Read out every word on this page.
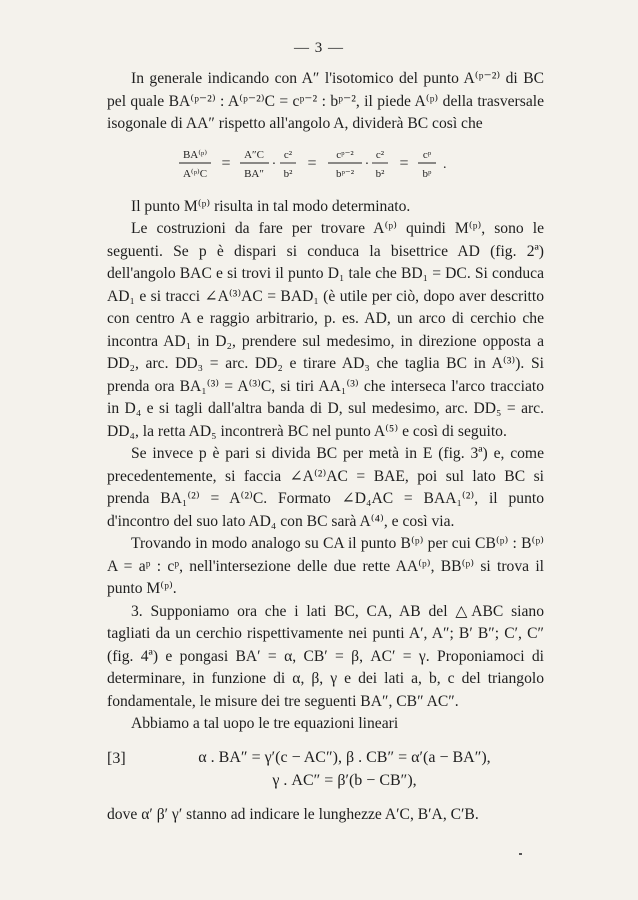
— 3 —

In generale indicando con A″ l'isotomico del punto A⁽ᵖ⁻²⁾ di BC pel quale BA⁽ᵖ⁻²⁾ : A⁽ᵖ⁻²⁾C = cᵖ⁻² : bᵖ⁻², il piede A⁽ᵖ⁾ della trasversale isogonale di AA″ rispetto all'angolo A, dividerà BC così che

BA⁽ᵖ⁾
A⁽ᵖ⁾C
= A″C
BA″
·
c²
b²
= cᵖ⁻²
bᵖ⁻²
·
c²
b²
= cᵖ
bᵖ
.

Il punto M⁽ᵖ⁾ risulta in tal modo determinato.

Le costruzioni da fare per trovare A⁽ᵖ⁾ quindi M⁽ᵖ⁾, sono le seguenti. Se p è dispari si conduca la bisettrice AD (fig. 2ª) dell'angolo BAC e si trovi il punto D₁ tale che BD₁ = DC. Si conduca AD₁ e si tracci ∠A⁽³⁾AC = BAD₁ (è utile per ciò, dopo aver descritto con centro A e raggio arbitrario, p. es. AD, un arco di cerchio che incontra AD₁ in D₂, prendere sul medesimo, in direzione opposta a DD₂, arc. DD₃ = arc. DD₂ e tirare AD₃ che taglia BC in A⁽³⁾). Si prenda ora BA₁⁽³⁾ = A⁽³⁾C, si tiri AA₁⁽³⁾ che interseca l'arco tracciato in D₄ e si tagli dall'altra banda di D, sul medesimo, arc. DD₅ = arc. DD₄, la retta AD₅ incontrerà BC nel punto A⁽⁵⁾ e così di seguito.

Se invece p è pari si divida BC per metà in E (fig. 3ª) e, come precedentemente, si faccia ∠A⁽²⁾AC = BAE, poi sul lato BC si prenda BA₁⁽²⁾ = A⁽²⁾C. Formato ∠D₄AC = BAA₁⁽²⁾, il punto d'incontro del suo lato AD₄ con BC sarà A⁽⁴⁾, e così via.

Trovando in modo analogo su CA il punto B⁽ᵖ⁾ per cui CB⁽ᵖ⁾ : B⁽ᵖ⁾A = aᵖ : cᵖ, nell'intersezione delle due rette AA⁽ᵖ⁾, BB⁽ᵖ⁾ si trova il punto M⁽ᵖ⁾.

3. Supponiamo ora che i lati BC, CA, AB del △ABC siano tagliati da un cerchio rispettivamente nei punti A′, A″; B′ B″; C′, C″ (fig. 4ª) e pongasi BA′ = α, CB′ = β, AC′ = γ. Proponiamoci di determinare, in funzione di α, β, γ e dei lati a, b, c del triangolo fondamentale, le misure dei tre seguenti BA″, CB″ AC″.

Abbiamo a tal uopo le tre equazioni lineari

[3]	α . BA″ = γ′(c − AC″), β . CB″ = α′(a − BA″),
γ . AC″ = β′(b − CB″),

dove α′ β′ γ′ stanno ad indicare le lunghezze A′C, B′A, C′B.
